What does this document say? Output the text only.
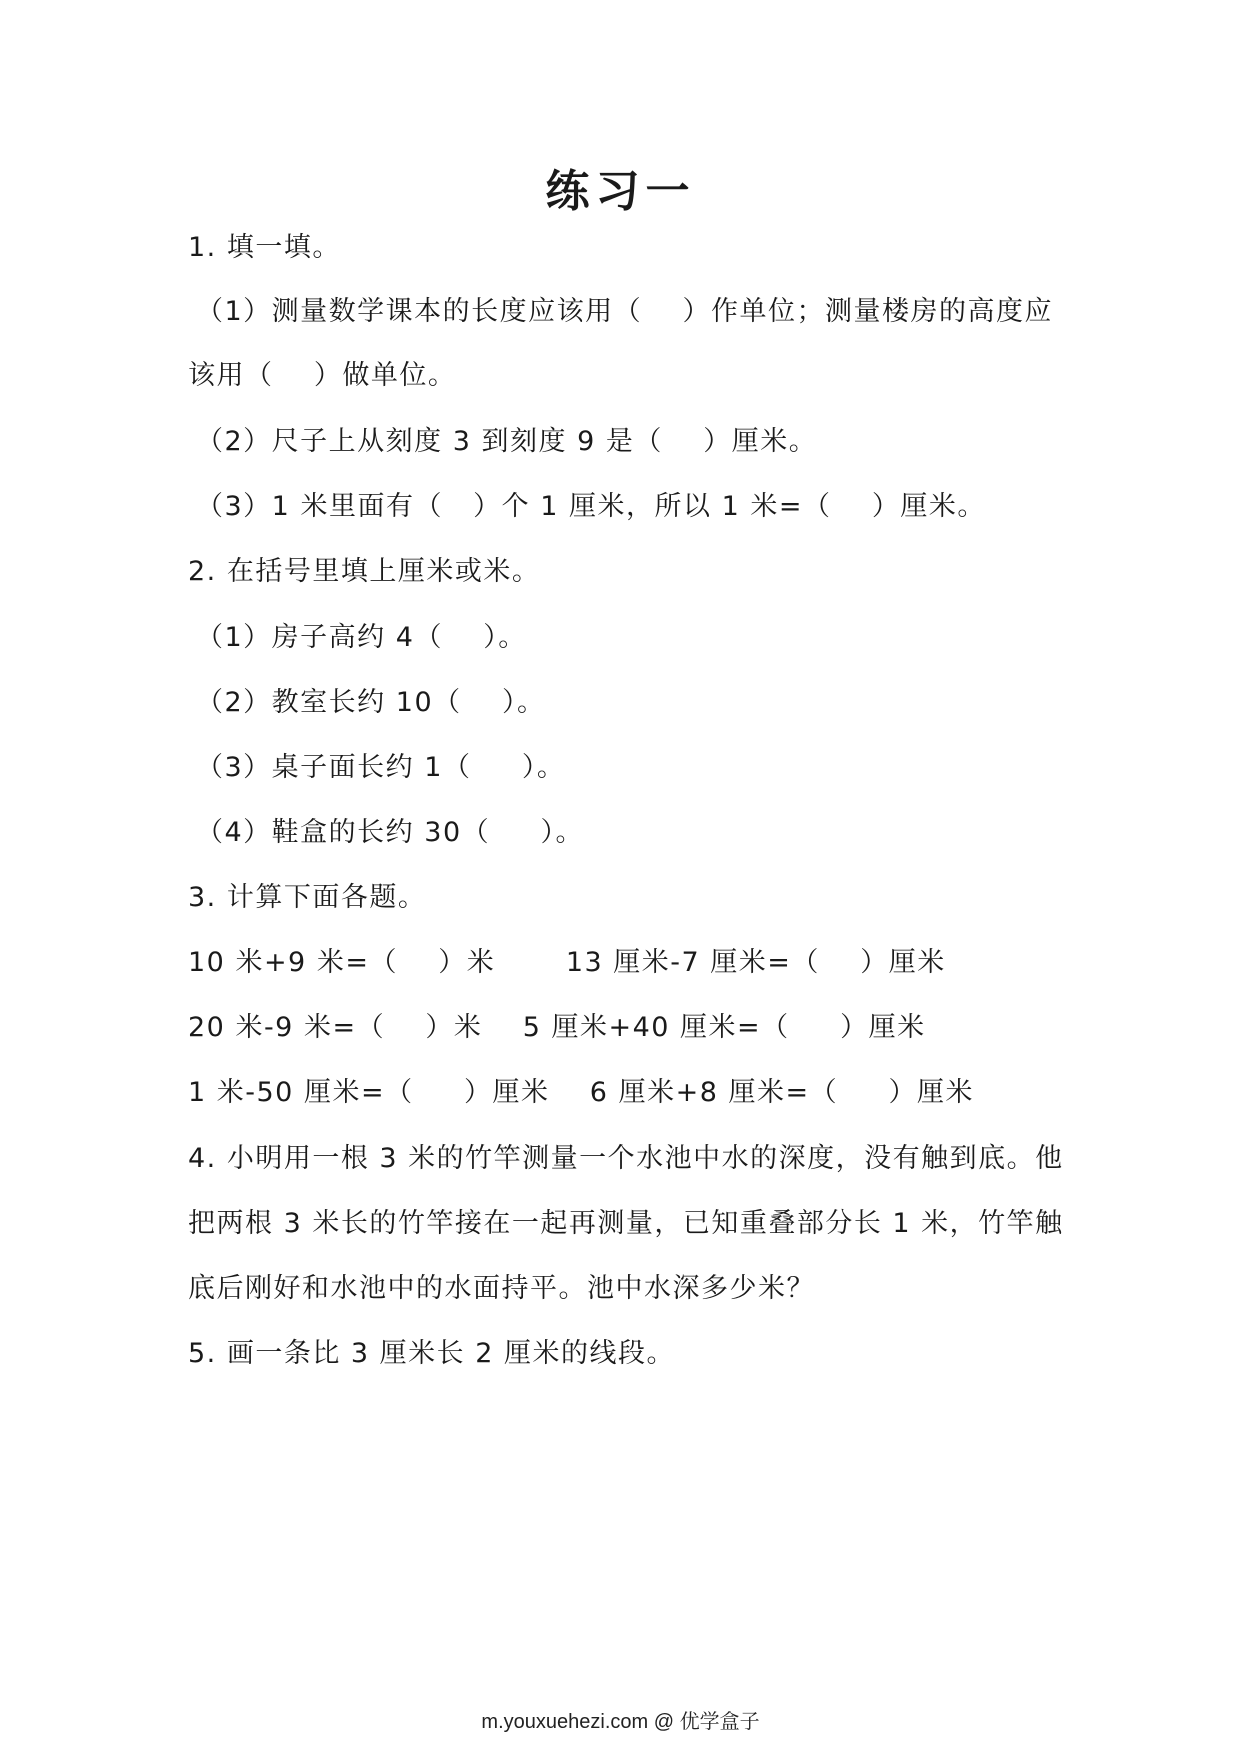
练习一
1. 填一填。
（1）测量数学课本的长度应该用（    ）作单位；测量楼房的高度应
该用（    ）做单位。
（2）尺子上从刻度 3 到刻度 9 是（    ）厘米。
（3）1 米里面有（   ）个 1 厘米，所以 1 米=（    ）厘米。
2. 在括号里填上厘米或米。
（1）房子高约 4（    ）。
（2）教室长约 10（    ）。
（3）桌子面长约 1（     ）。
（4）鞋盒的长约 30（     ）。
3. 计算下面各题。
10 米+9 米=（    ）米       13 厘米-7 厘米=（    ）厘米
20 米-9 米=（    ）米    5 厘米+40 厘米=（     ）厘米
1 米-50 厘米=（     ）厘米    6 厘米+8 厘米=（     ）厘米
4. 小明用一根 3 米的竹竿测量一个水池中水的深度，没有触到底。他
把两根 3 米长的竹竿接在一起再测量，已知重叠部分长 1 米，竹竿触
底后刚好和水池中的水面持平。池中水深多少米？
5. 画一条比 3 厘米长 2 厘米的线段。
m.youxuehezi.com @ 优学盒子
